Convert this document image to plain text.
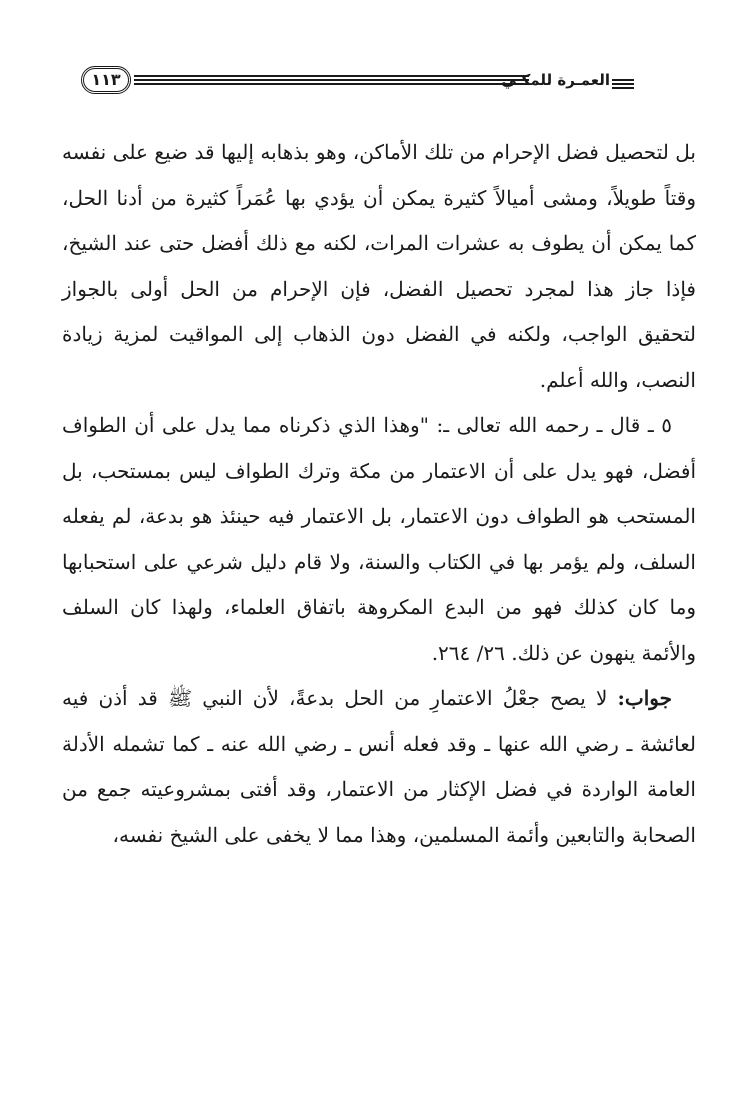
١١٣	العمـرة للمكـي

بل لتحصيل فضل الإحرام من تلك الأماكن، وهو بذهابه إليها قد ضيع على نفسه وقتاً طويلاً، ومشى أميالاً كثيرة يمكن أن يؤدي بها عُمَراً كثيرة من أدنا الحل، كما يمكن أن يطوف به عشرات المرات، لكنه مع ذلك أفضل حتى عند الشيخ، فإذا جاز هذا لمجرد تحصيل الفضل، فإن الإحرام من الحل أولى بالجواز لتحقيق الواجب، ولكنه في الفضل دون الذهاب إلى المواقيت لمزية زيادة النصب، والله أعلم.

٥ ـ قال ـ رحمه الله تعالى ـ: "وهذا الذي ذكرناه مما يدل على أن الطواف أفضل، فهو يدل على أن الاعتمار من مكة وترك الطواف ليس بمستحب، بل المستحب هو الطواف دون الاعتمار، بل الاعتمار فيه حينئذ هو بدعة، لم يفعله السلف، ولم يؤمر بها في الكتاب والسنة، ولا قام دليل شرعي على استحبابها وما كان كذلك فهو من البدع المكروهة باتفاق العلماء، ولهذا كان السلف والأئمة ينهون عن ذلك. ٢٦/ ٢٦٤.

جواب: لا يصح جعْلُ الاعتمارِ من الحل بدعةً، لأن النبي ﷺ قد أذن فيه لعائشة ـ رضي الله عنها ـ وقد فعله أنس ـ رضي الله عنه ـ كما تشمله الأدلة العامة الواردة في فضل الإكثار من الاعتمار، وقد أفتى بمشروعيته جمع من الصحابة والتابعين وأئمة المسلمين، وهذا مما لا يخفى على الشيخ نفسه،
